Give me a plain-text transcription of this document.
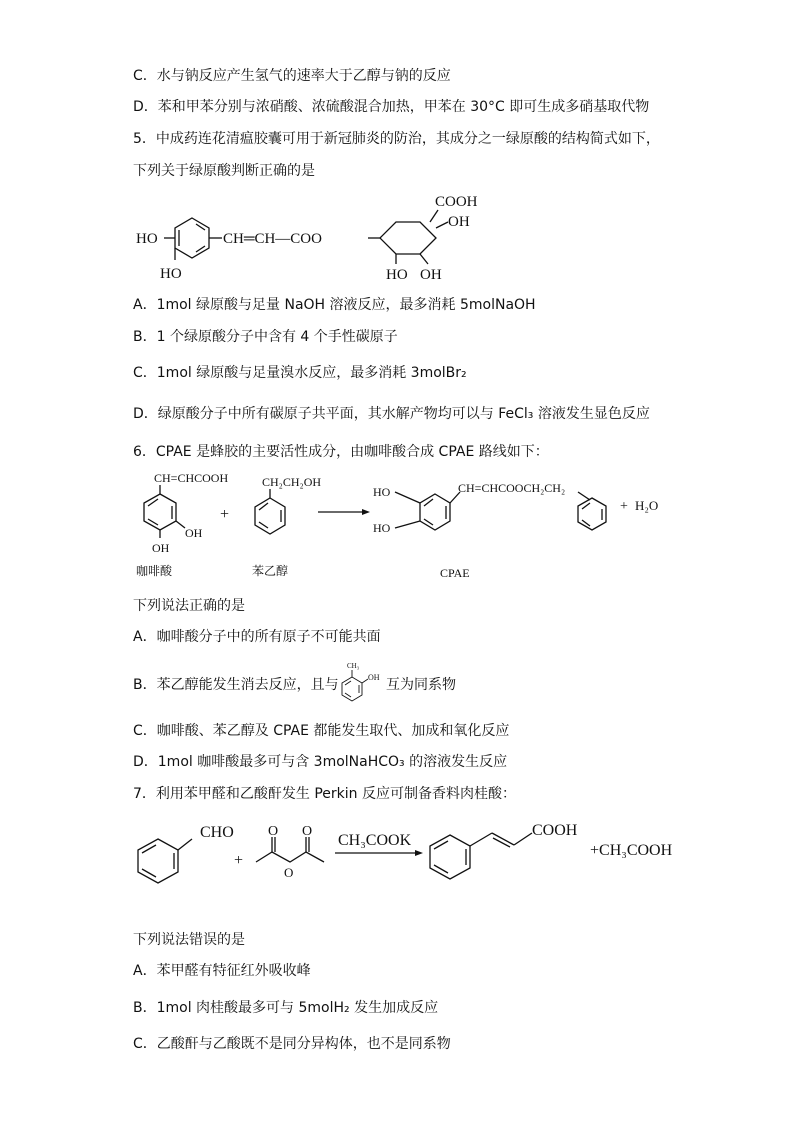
C．水与钠反应产生氢气的速率大于乙醇与钠的反应
D．苯和甲苯分别与浓硝酸、浓硫酸混合加热，甲苯在 30°C 即可生成多硝基取代物
5．中成药连花清瘟胶囊可用于新冠肺炎的防治，其成分之一绿原酸的结构简式如下，
下列关于绿原酸判断正确的是
HO
HO
CH═CH—COO
COOH
OH
HO OH
A．1mol 绿原酸与足量 NaOH 溶液反应，最多消耗 5molNaOH
B．1 个绿原酸分子中含有 4 个手性碳原子
C．1mol 绿原酸与足量溴水反应，最多消耗 3molBr₂
D．绿原酸分子中所有碳原子共平面，其水解产物均可以与 FeCl₃ 溶液发生显色反应
6．CPAE 是蜂胶的主要活性成分，由咖啡酸合成 CPAE 路线如下：
CH=CHCOOH
OH
OH
+
CH₂CH₂OH
HO
HO
CH=CHCOOCH₂CH₂
+ H₂O
咖啡酸	苯乙醇	CPAE
下列说法正确的是
A．咖啡酸分子中的所有原子不可能共面
B．苯乙醇能发生消去反应，且与
CH₃
OH 互为同系物
C．咖啡酸、苯乙醇及 CPAE 都能发生取代、加成和氧化反应
D．1mol 咖啡酸最多可与含 3molNaHCO₃ 的溶液发生反应
7．利用苯甲醛和乙酸酐发生 Perkin 反应可制备香料肉桂酸：
CHO
+
O O
O
CH₃COOK
COOH
+CH₃COOH
下列说法错误的是
A．苯甲醛有特征红外吸收峰
B．1mol 肉桂酸最多可与 5molH₂ 发生加成反应
C．乙酸酐与乙酸既不是同分异构体，也不是同系物
